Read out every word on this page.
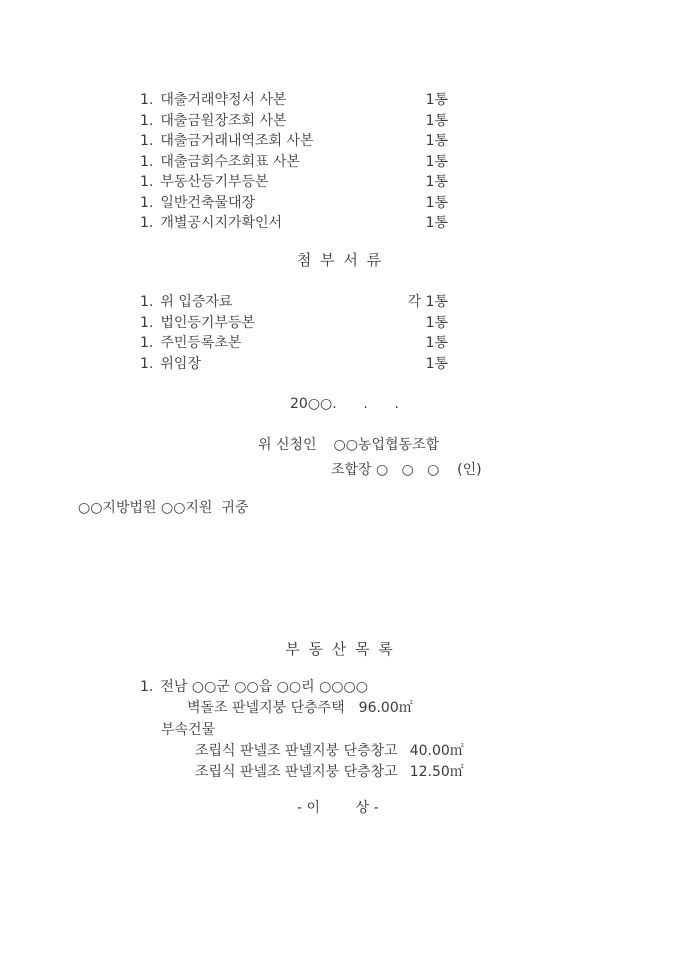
1. 대출거래약정서 사본	1통
1. 대출금원장조회 사본	1통
1. 대출금거래내역조회 사본	1통
1. 대출금회수조회표 사본	1통
1. 부동산등기부등본	1통
1. 일반건축물대장	1통
1. 개별공시지가확인서	1통
첨 부 서 류
1. 위 입증자료	각 1통
1. 법인등기부등본	1통
1. 주민등록초본	1통
1. 위임장	1통
20○○.      .      .
위 신청인 ○○농업협동조합
조합장 ○   ○   ○    (인)
○○지방법원 ○○지원  귀중
부 동 산 목 록
1. 전남 ○○군 ○○읍 ○○리 ○○○○
벽돌조 판넬지붕 단층주택 96.00㎡
부속건물
조립식 판넬조 판넬지붕 단층창고 40.00㎡
조립식 판넬조 판넬지붕 단층창고 12.50㎡
- 이        상 -
